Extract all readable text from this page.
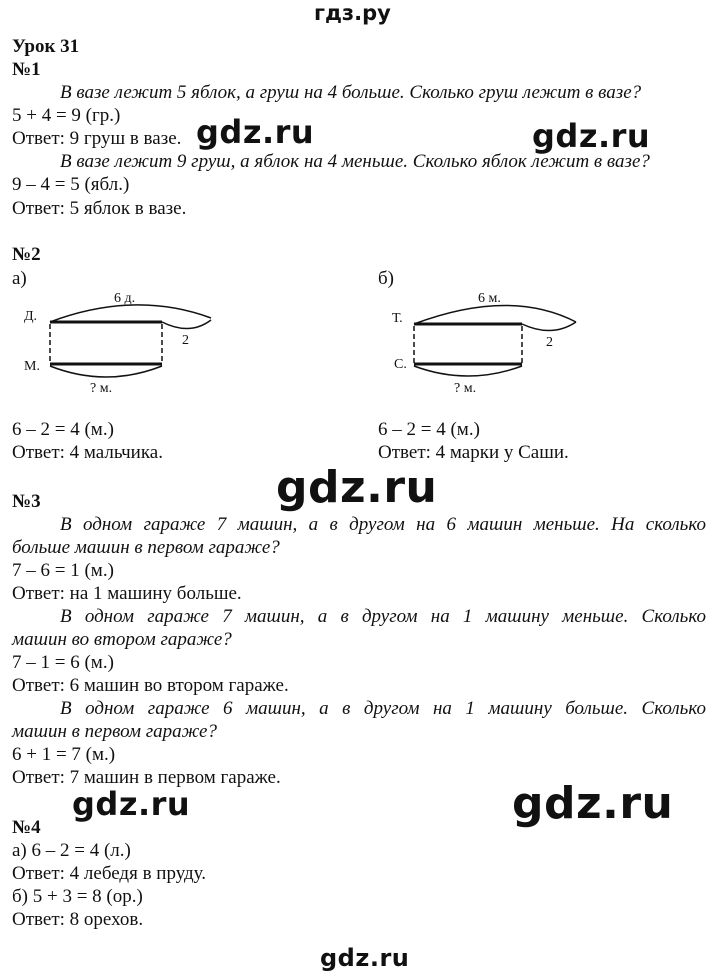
гдз.ру
Урок 31
№1
В вазе лежит 5 яблок, а груш на 4 больше. Сколько груш лежит в вазе?
5 + 4 = 9 (гр.)
Ответ: 9 груш в вазе.
В вазе лежит 9 груш, а яблок на 4 меньше. Сколько яблок лежит в вазе?
9 – 4 = 5 (ябл.)
Ответ: 5 яблок в вазе.
№2
а)	б)
6 д.
2
Д.
М.
? м.
6 м.
2
Т.
С.
? м.
6 – 2 = 4 (м.)
Ответ: 4 мальчика.
6 – 2 = 4 (м.)
Ответ: 4 марки у Саши.
№3
В одном гараже 7 машин, а в другом на 6 машин меньше. На сколько
больше машин в первом гараже?
7 – 6 = 1 (м.)
Ответ: на 1 машину больше.
В одном гараже 7 машин, а в другом на 1 машину меньше. Сколько
машин во втором гараже?
7 – 1 = 6 (м.)
Ответ: 6 машин во втором гараже.
В одном гараже 6 машин, а в другом на 1 машину больше. Сколько
машин в первом гараже?
6 + 1 = 7 (м.)
Ответ: 7 машин в первом гараже.
№4
а) 6 – 2 = 4 (л.)
Ответ: 4 лебедя в пруду.
б) 5 + 3 = 8 (ор.)
Ответ: 8 орехов.
gdz.ru	gdz.ru
gdz.ru
gdz.ru	gdz.ru
gdz.ru
